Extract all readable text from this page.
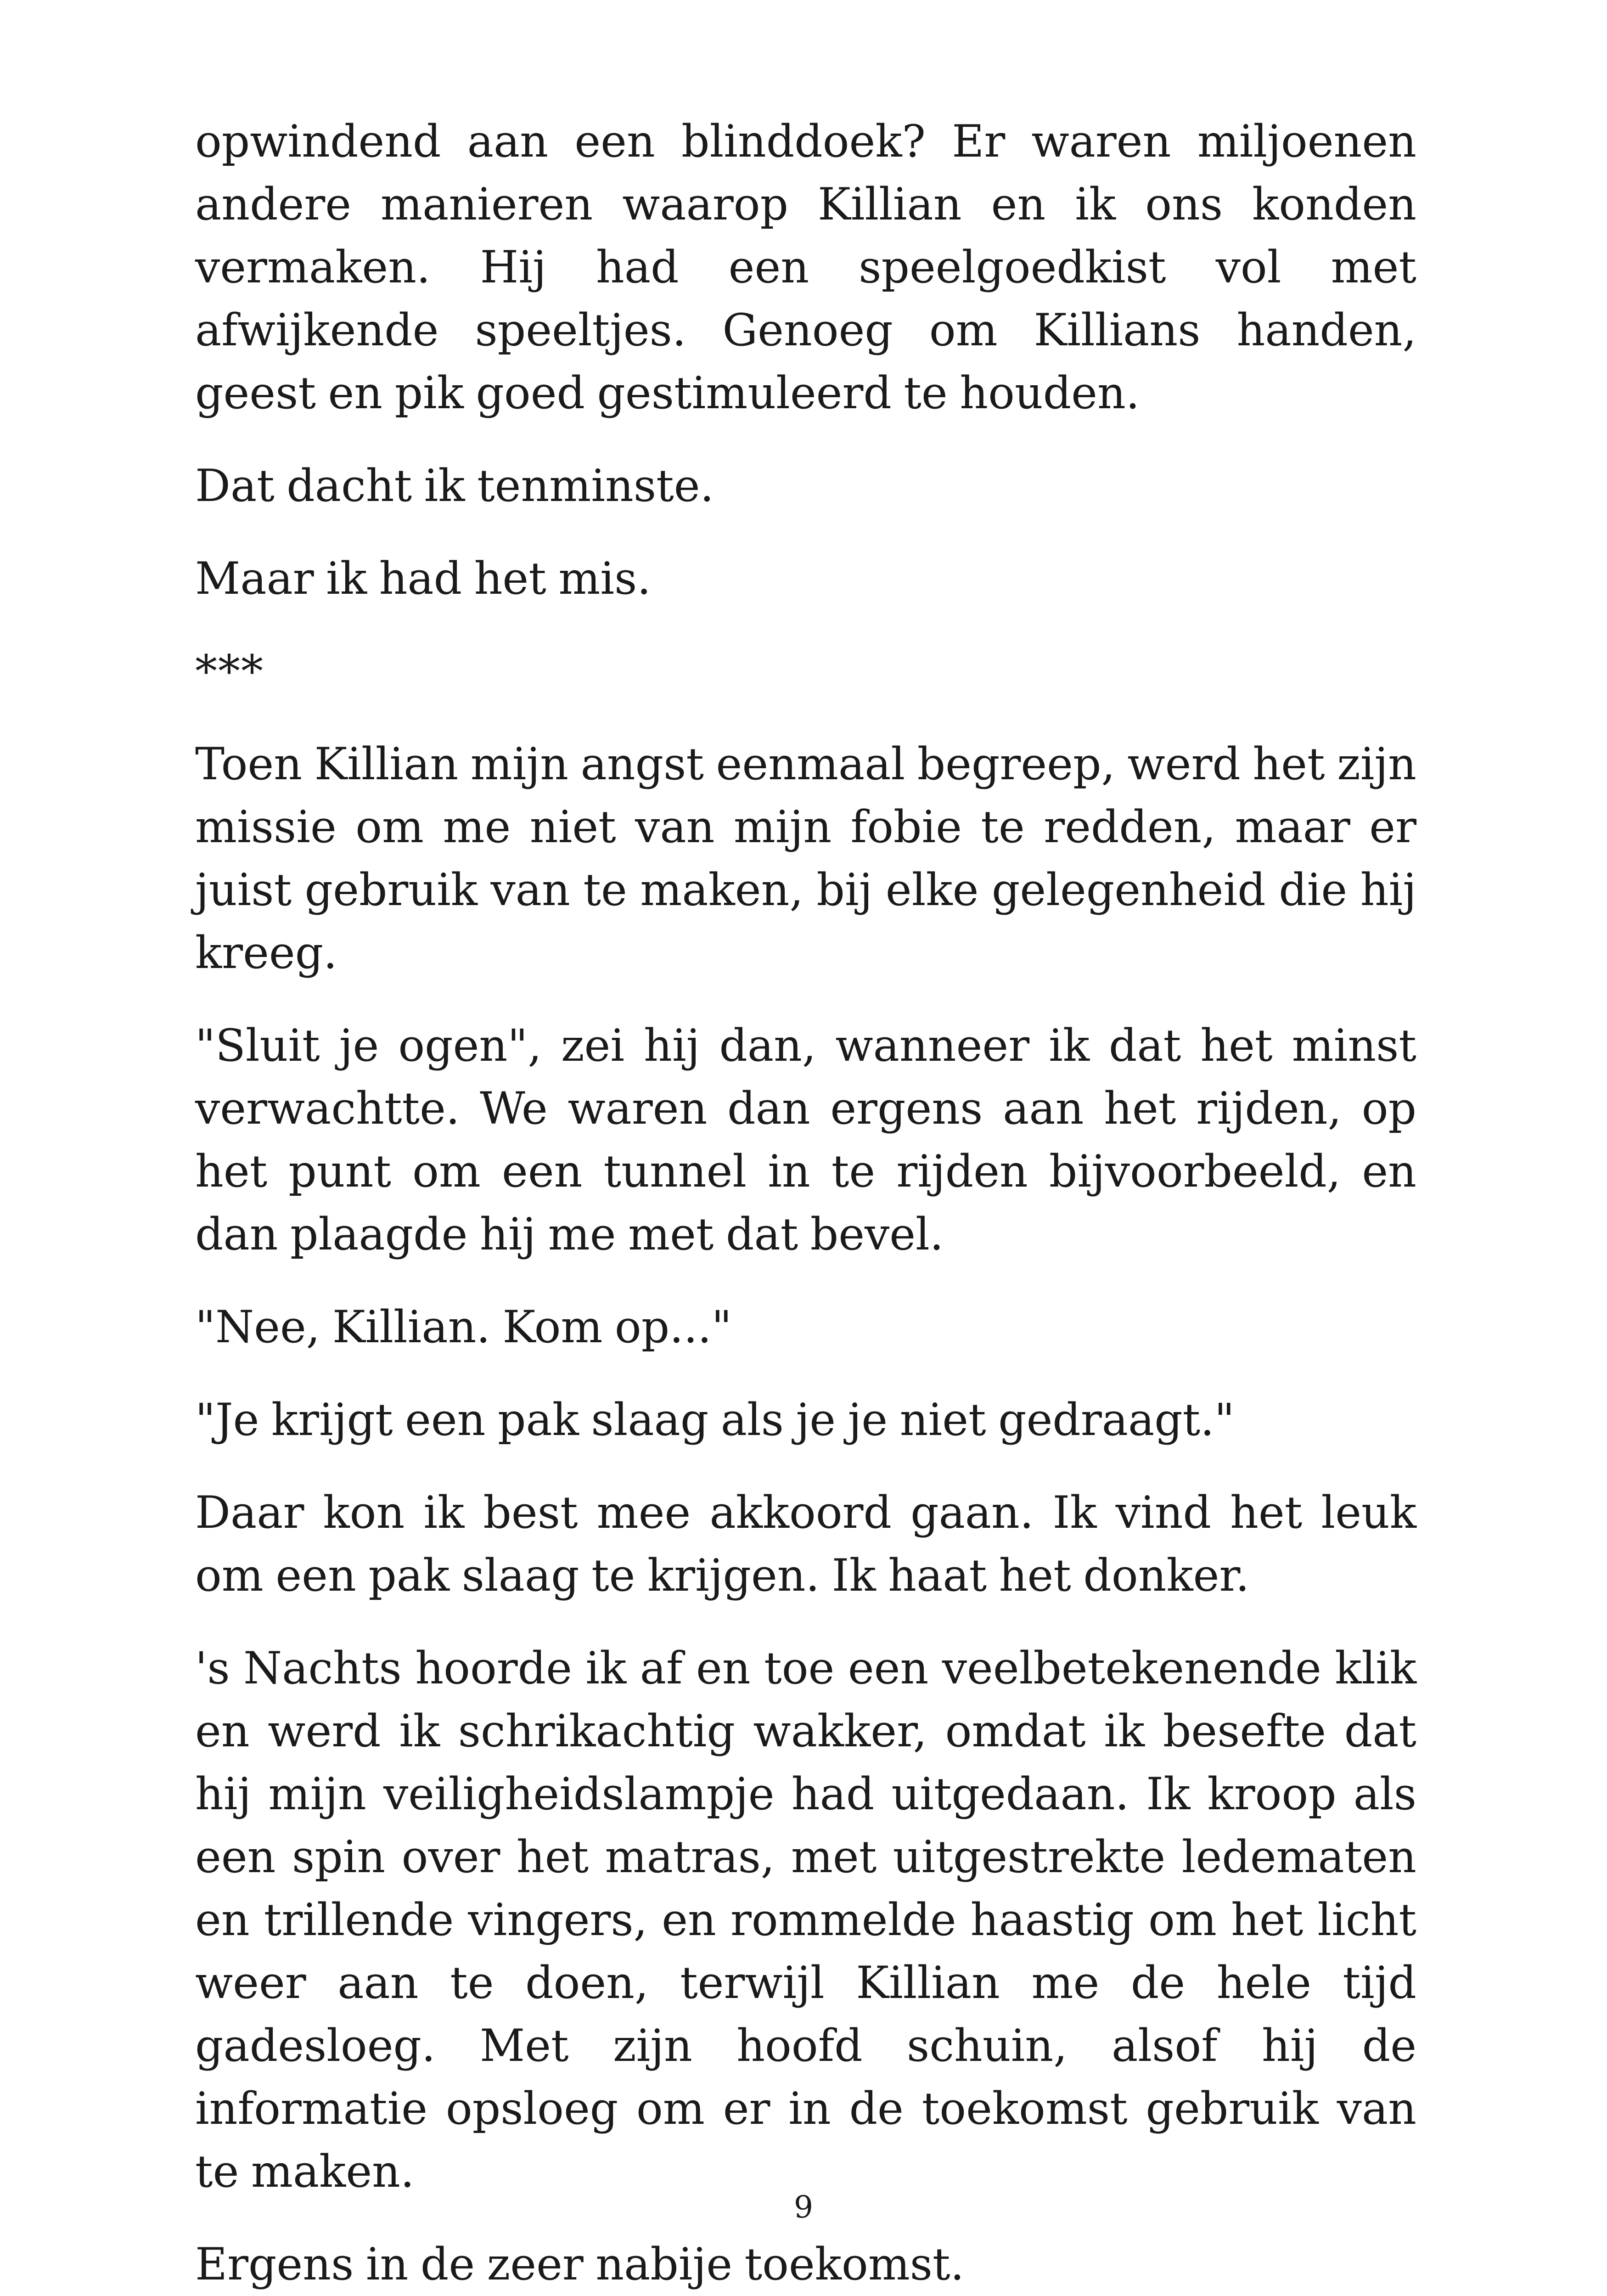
opwindend aan een blinddoek? Er waren miljoenen andere manieren waarop Killian en ik ons konden vermaken. Hij had een speelgoedkist vol met afwijkende speeltjes. Genoeg om Killians handen, geest en pik goed gestimuleerd te houden.

Dat dacht ik tenminste.

Maar ik had het mis.

***

Toen Killian mijn angst eenmaal begreep, werd het zijn missie om me niet van mijn fobie te redden, maar er juist gebruik van te maken, bij elke gelegenheid die hij kreeg.

"Sluit je ogen", zei hij dan, wanneer ik dat het minst verwachtte. We waren dan ergens aan het rijden, op het punt om een tunnel in te rijden bijvoorbeeld, en dan plaagde hij me met dat bevel.

"Nee, Killian. Kom op..."

"Je krijgt een pak slaag als je je niet gedraagt."

Daar kon ik best mee akkoord gaan. Ik vind het leuk om een pak slaag te krijgen. Ik haat het donker.

's Nachts hoorde ik af en toe een veelbetekenende klik en werd ik schrikachtig wakker, omdat ik besefte dat hij mijn veiligheidslampje had uitgedaan. Ik kroop als een spin over het matras, met uitgestrekte ledematen en trillende vingers, en rommelde haastig om het licht weer aan te doen, terwijl Killian me de hele tijd gadesloeg. Met zijn hoofd schuin, alsof hij de informatie opsloeg om er in de toekomst gebruik van te maken.

Ergens in de zeer nabije toekomst.

9
